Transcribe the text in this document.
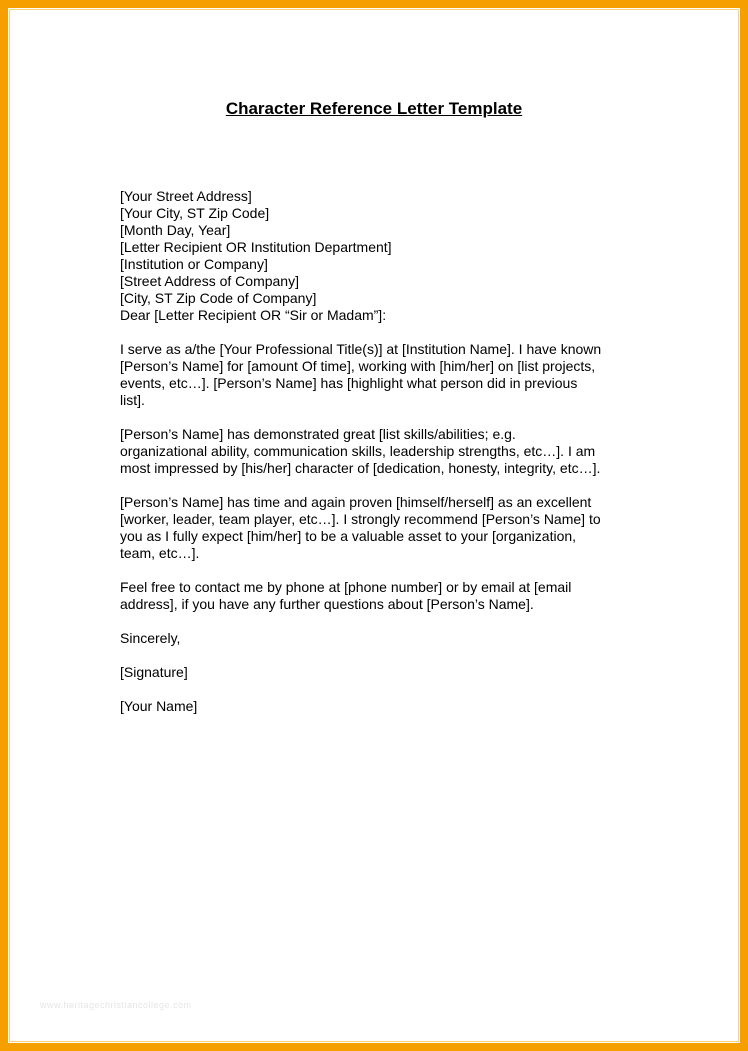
Character Reference Letter Template
[Your Street Address]
[Your City, ST Zip Code]
[Month Day, Year]
[Letter Recipient OR Institution Department]
[Institution or Company]
[Street Address of Company]
[City, ST Zip Code of Company]
Dear [Letter Recipient OR “Sir or Madam”]:
I serve as a/the [Your Professional Title(s)] at [Institution Name]. I have known
[Person’s Name] for [amount Of time], working with [him/her] on [list projects,
events, etc…]. [Person’s Name] has [highlight what person did in previous
list].
[Person’s Name] has demonstrated great [list skills/abilities; e.g.
organizational ability, communication skills, leadership strengths, etc…]. I am
most impressed by [his/her] character of [dedication, honesty, integrity, etc…].
[Person’s Name] has time and again proven [himself/herself] as an excellent
[worker, leader, team player, etc…]. I strongly recommend [Person’s Name] to
you as I fully expect [him/her] to be a valuable asset to your [organization,
team, etc…].
Feel free to contact me by phone at [phone number] or by email at [email
address], if you have any further questions about [Person’s Name].
Sincerely,
[Signature]
[Your Name]
www.heritagechristiancollege.com
